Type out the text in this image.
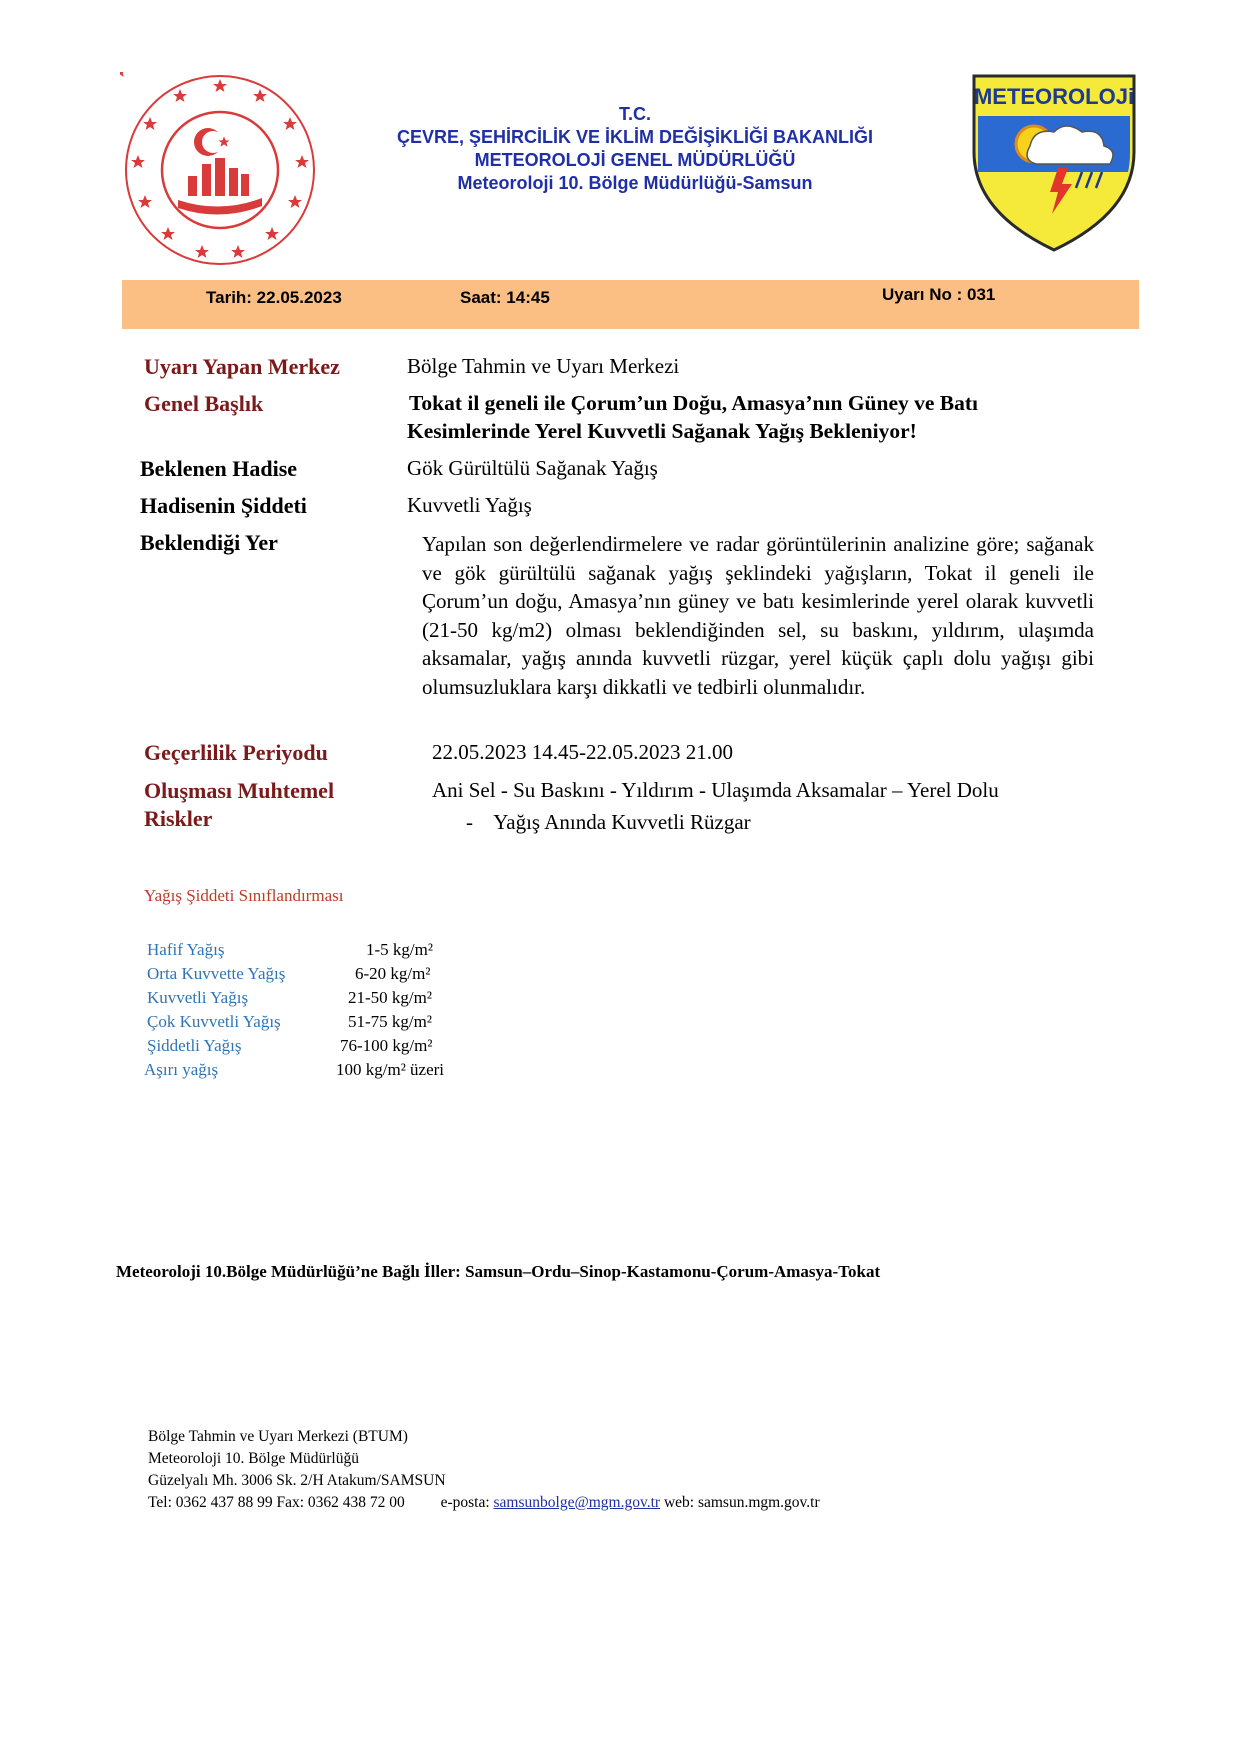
T.C.
ÇEVRE, ŞEHİRCİLİK VE İKLİM DEĞİŞİKLİĞİ BAKANLIĞI
METEOROLOJİ GENEL MÜDÜRLÜĞÜ
Meteoroloji 10. Bölge Müdürlüğü-Samsun
METEOROLOJi
Tarih: 22.05.2023	Saat: 14:45	Uyarı No : 031
Uyarı Yapan Merkez	Bölge Tahmin ve Uyarı Merkezi
Genel Başlık	Tokat il geneli ile Çorum’un Doğu, Amasya’nın Güney ve Batı
Kesimlerinde Yerel Kuvvetli Sağanak Yağış Bekleniyor!
Beklenen Hadise	Gök Gürültülü Sağanak Yağış
Hadisenin Şiddeti	Kuvvetli Yağış
Beklendiği Yer	Yapılan son değerlendirmelere ve radar görüntülerinin analizine göre; sağanak ve gök gürültülü sağanak yağış şeklindeki yağışların, Tokat il geneli ile Çorum’un doğu, Amasya’nın güney ve batı kesimlerinde yerel olarak kuvvetli (21-50 kg/m2) olması beklendiğinden sel, su baskını, yıldırım, ulaşımda aksamalar, yağış anında kuvvetli rüzgar, yerel küçük çaplı dolu yağışı gibi olumsuzluklara karşı dikkatli ve tedbirli olunmalıdır.
Geçerlilik Periyodu	22.05.2023 14.45-22.05.2023 21.00
Oluşması Muhtemel
Riskler
Ani Sel - Su Baskını - Yıldırım - Ulaşımda Aksamalar – Yerel Dolu
-    Yağış Anında Kuvvetli Rüzgar
Yağış Şiddeti Sınıflandırması
Hafif Yağış	1-5 kg/m²
Orta Kuvvette Yağış	6-20 kg/m²
Kuvvetli Yağış	21-50 kg/m²
Çok Kuvvetli Yağış	51-75 kg/m²
Şiddetli Yağış	76-100 kg/m²
Aşırı yağış	100 kg/m² üzeri
Meteoroloji 10.Bölge Müdürlüğü’ne Bağlı İller: Samsun–Ordu–Sinop-Kastamonu-Çorum-Amasya-Tokat
Bölge Tahmin ve Uyarı Merkezi (BTUM)
Meteoroloji 10. Bölge Müdürlüğü
Güzelyalı Mh. 3006 Sk. 2/H Atakum/SAMSUN
Tel: 0362 437 88 99 Fax: 0362 438 72 00 e-posta: samsunbolge@mgm.gov.tr web: samsun.mgm.gov.tr
